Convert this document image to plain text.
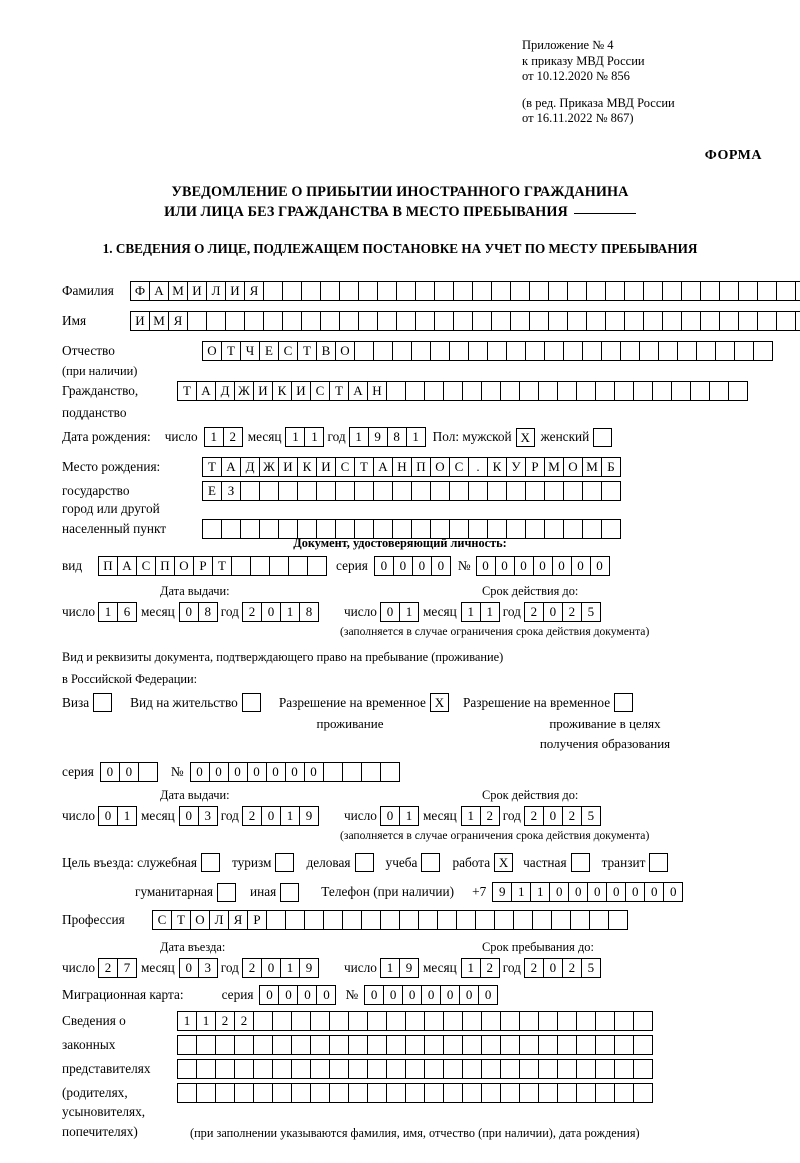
Приложение № 4
к приказу МВД России
от 10.12.2020 № 856
(в ред. Приказа МВД России
от 16.11.2022 № 867)
ФОРМА
УВЕДОМЛЕНИЕ О ПРИБЫТИИ ИНОСТРАННОГО ГРАЖДАНИНА
ИЛИ ЛИЦА БЕЗ ГРАЖДАНСТВА В МЕСТО ПРЕБЫВАНИЯ
1. СВЕДЕНИЯ О ЛИЦЕ, ПОДЛЕЖАЩЕМ ПОСТАНОВКЕ НА УЧЕТ ПО МЕСТУ ПРЕБЫВАНИЯ
Фамилия	Ф А М И Л И Я
Имя	И М Я
Отчество	О Т Ч Е С Т В О
(при наличии)
Гражданство,	Т А Д Ж И К И С Т А Н
подданство
Дата рождения: число 1 2 месяц 1 1 год 1 9 8 1	Пол: мужской Х женский
Место рождения:	Т А Д Ж И К И С Т А Н П О С	.	К У Р М О М Б
государство	Е З
город или другой
населенный пункт
Документ, удостоверяющий личность:
вид	П А С П О Р Т	серия 0 0 0 0	№ 0 0 0 0 0 0 0
Дата выдачи:	Срок действия до:
число 1 6 месяц 0 8 год 2 0 1 8	число 0 1 месяц 1 1 год 2 0 2 5
(заполняется в случае ограничения срока действия документа)
Вид и реквизиты документа, подтверждающего право на пребывание (проживание)
в Российской Федерации:
Виза	Вид на жительство	Разрешение на временное Х	Разрешение на временное
проживание	проживание в целях
получения образования
серия 0 0	№ 0 0 0 0 0 0 0
Дата выдачи:	Срок действия до:
число 0 1 месяц 0 3 год 2 0 1 9	число 0 1 месяц 1 2 год 2 0 2 5
(заполняется в случае ограничения срока действия документа)
Цель въезда: служебная	туризм	деловая	учеба	работа Х	частная	транзит
гуманитарная	иная	Телефон (при наличии) +7 9 1 1 0 0 0 0 0 0 0
Профессия	С Т О Л Я Р
Дата въезда:	Срок пребывания до:
число 2 7 месяц 0 3 год 2 0 1 9	число 1 9 месяц 1 2 год 2 0 2 5
Миграционная карта:	серия 0 0 0 0	№ 0 0 0 0 0 0 0
Сведения о	1 1 2 2
законных
представителях
(родителях,
усыновителях,
попечителях)	(при заполнении указываются фамилия, имя, отчество (при наличии), дата рождения)
